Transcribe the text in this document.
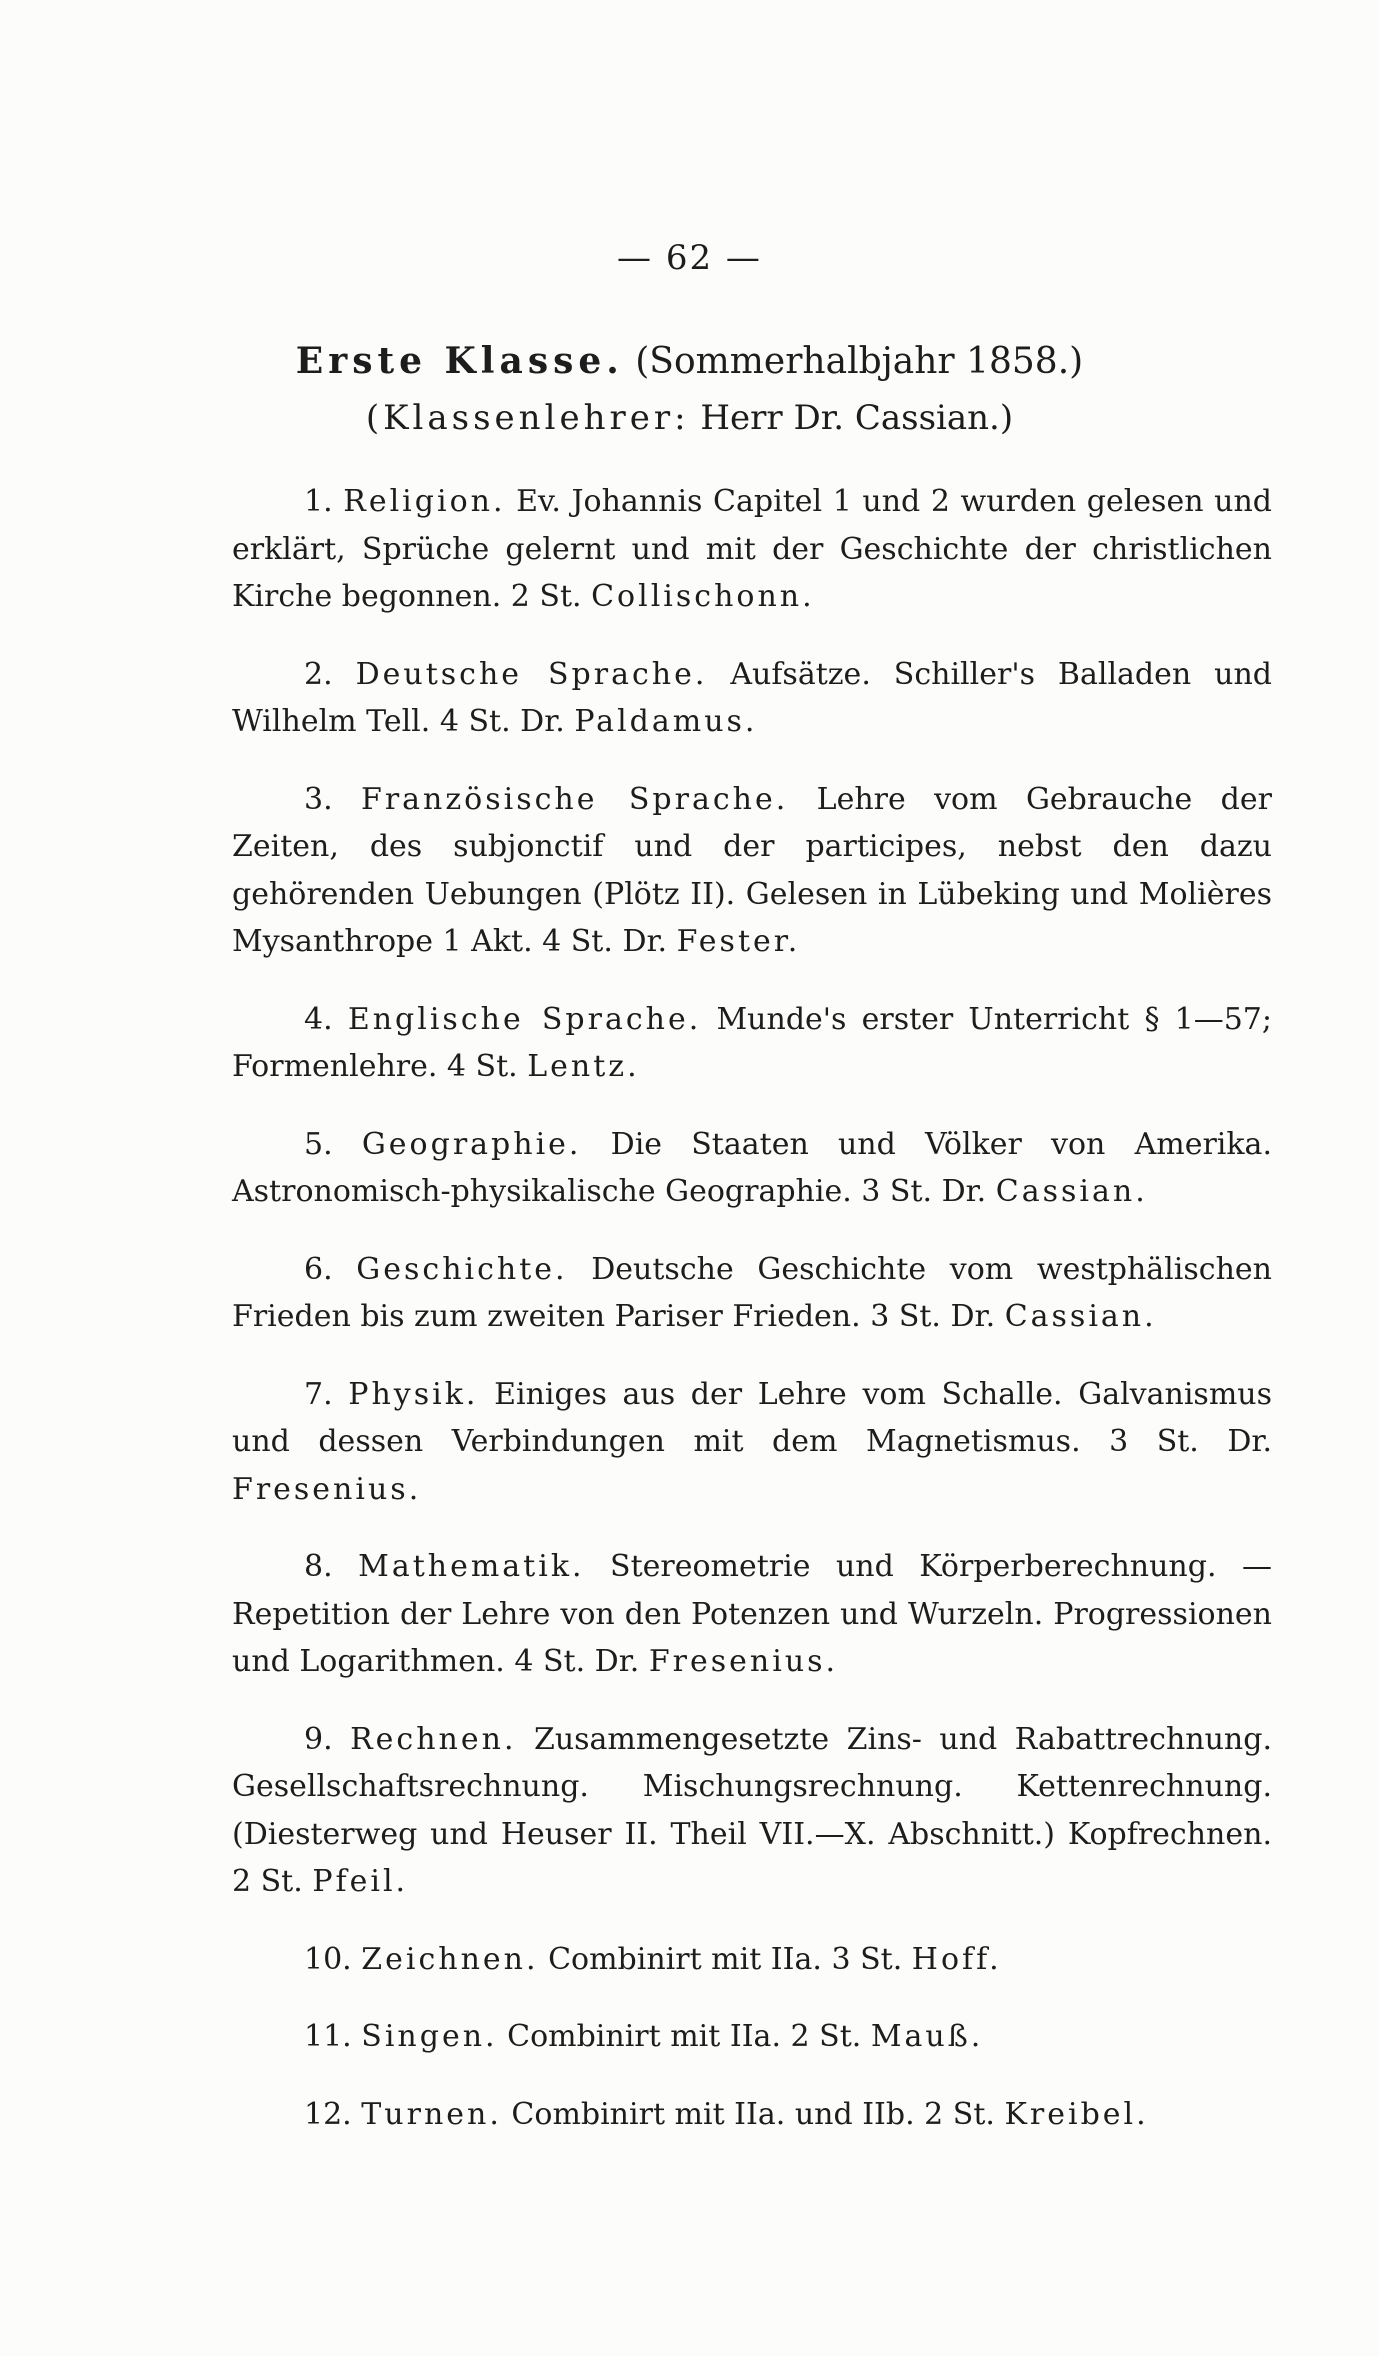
— 62 —
Erste Klasse. (Sommerhalbjahr 1858.)
(Klassenlehrer: Herr Dr. Cassian.)

1. Religion. Ev. Johannis Capitel 1 und 2 wurden gelesen und erklärt, Sprüche gelernt und mit der Geschichte der christlichen Kirche begonnen. 2 St. Collischonn.

2. Deutsche Sprache. Aufsätze. Schiller's Balladen und Wilhelm Tell. 4 St. Dr. Paldamus.

3. Französische Sprache. Lehre vom Gebrauche der Zeiten, des subjonctif und der participes, nebst den dazu gehörenden Uebungen (Plötz II). Gelesen in Lübeking und Molières Mysanthrope 1 Akt. 4 St. Dr. Fester.

4. Englische Sprache. Munde's erster Unterricht § 1—57; Formenlehre. 4 St. Lentz.

5. Geographie. Die Staaten und Völker von Amerika. Astronomisch-physikalische Geographie. 3 St. Dr. Cassian.

6. Geschichte. Deutsche Geschichte vom westphälischen Frieden bis zum zweiten Pariser Frieden. 3 St. Dr. Cassian.

7. Physik. Einiges aus der Lehre vom Schalle. Galvanismus und dessen Verbindungen mit dem Magnetismus. 3 St. Dr. Fresenius.

8. Mathematik. Stereometrie und Körperberechnung. — Repetition der Lehre von den Potenzen und Wurzeln. Progressionen und Logarithmen. 4 St. Dr. Fresenius.

9. Rechnen. Zusammengesetzte Zins- und Rabattrechnung. Gesellschaftsrechnung. Mischungsrechnung. Kettenrechnung. (Diesterweg und Heuser II. Theil VII.—X. Abschnitt.) Kopfrechnen. 2 St. Pfeil.

10. Zeichnen. Combinirt mit IIa. 3 St. Hoff.

11. Singen. Combinirt mit IIa. 2 St. Mauß.

12. Turnen. Combinirt mit IIa. und IIb. 2 St. Kreibel.
